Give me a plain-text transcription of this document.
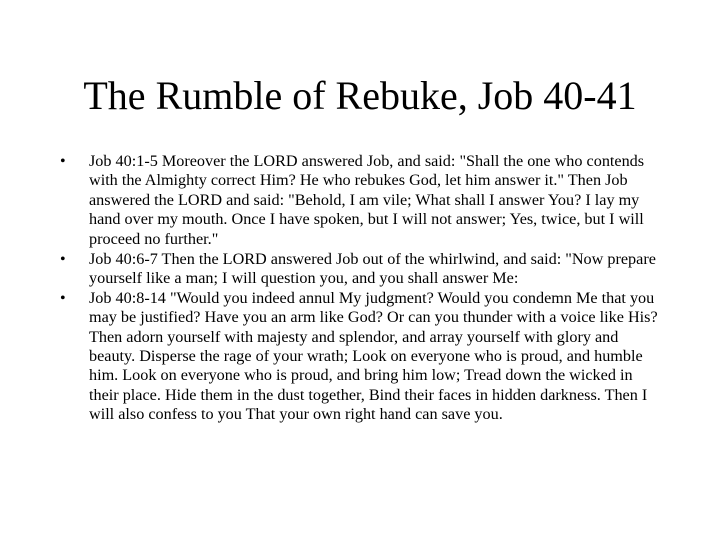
The Rumble of Rebuke, Job 40-41
• Job 40:1-5 Moreover the LORD answered Job, and said: "Shall the one who contends with the Almighty correct Him? He who rebukes God, let him answer it." Then Job answered the LORD and said: "Behold, I am vile; What shall I answer You? I lay my hand over my mouth. Once I have spoken, but I will not answer; Yes, twice, but I will proceed no further."
• Job 40:6-7 Then the LORD answered Job out of the whirlwind, and said: "Now prepare yourself like a man; I will question you, and you shall answer Me:
• Job 40:8-14 "Would you indeed annul My judgment? Would you condemn Me that you may be justified? Have you an arm like God? Or can you thunder with a voice like His? Then adorn yourself with majesty and splendor, and array yourself with glory and beauty. Disperse the rage of your wrath; Look on everyone who is proud, and humble him. Look on everyone who is proud, and bring him low; Tread down the wicked in their place. Hide them in the dust together, Bind their faces in hidden darkness. Then I will also confess to you That your own right hand can save you.
